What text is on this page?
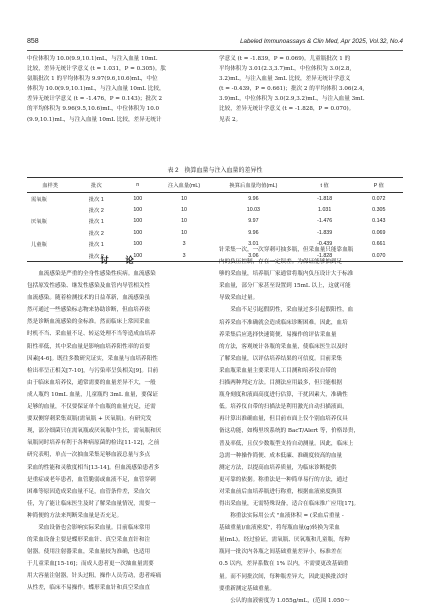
858	Labeled Immunoassays & Clin Med, Apr 2025, Vol.32, No.4

中位体积为 10.0(9.9,10.1)mL，与注入血量 10mL

比较，差异无统计学意义 (t = 1.031，P = 0.305)。肽

氨瓶批次 1 的平均体积为 9.97(9.6,10.6)mL，中位

体积为 10.0(9.9,10.1)mL，与注入血量 10mL 比较，

差异无统计学意义 (t = -1.476，P = 0.143)；批次 2

的平均体积为 9.96(9.5,10.6)mL，中位体积为 10.0

(9.9,10.1)mL，与注入血量 10mL 比较，差异无统计

学意义 (t = -1.839，P = 0.069)。儿童瓶批次 1 的

平均体积为 3.01(2.3,3.7)mL，中位体积为 3.0(2.8,

3.2)mL，与注入血量 3mL 比较，差异无统计学意义

(t = -0.439，P = 0.661)；批次 2 的平均体积 3.06(2.4,

3.9)mL，中位体积为 3.0(2.9,3.2)mL，与注入血量 3mL

比较，差异无统计学意义 (t = -1.828，P = 0.070)。

见表 2。

表 2　换算血量与注入血量的差异性
血样类	批次	n	注入血量(mL)	换算后血量均值(mL)	t 值	P 值
需氧瓶	批次 1	100	10	9.96	-1.818	0.072
	批次 2	100	10	10.03	1.031	0.305
厌氧瓶	批次 1	100	10	9.97	-1.476	0.143
	批次 2	100	10	9.96	-1.839	0.069
儿童瓶	批次 1	100	3	3.01	-0.439	0.661
	批次 2	100	3	3.06	-1.828	0.070
讨　论

　　血流感染是严重的全身性感染性疾病。血流感染

包括原发性感染、继发性感染及血管内导管相关性

血流感染。随着检测技术的日益革新，血流感染虽

然可通过一些感染标志物来协助诊断，但血培养依

然是诊断血流感染的金标准。然而临床上常因采血

时机不当、采血量不足、转运处理不当等造成血培养

阳性率低，其中采血量是影响血培养阳性率的首要

因素[4-6]。既往多数研究证实，采血量与血培养阳性

检出率呈正相关[7-10]，与污染率呈负相关[9]。目前

由于临床血培养仪，通常需要的血量差异不大，一般

成人瓶约 10mL 血量，儿童瓶约 3mL 血量，要保证

足够的血量，不仅要保证单个血瓶的血量充足，还需

要双侧穿刺采集双瓶(需氧瓶 + 厌氧瓶)。有研究发

现，部分细菌只在需氧瓶或厌氧瓶中生长，需氧瓶和厌

氧瓶同时培养有利于各种病原菌的检出[11-12]，之前

研究表明，单点一次抽血采集足够血液总量与多点

采血的性能和灵敏度相当[13-14]。但血流感染患者多

是重症或老年患者，血管脆弱或血液不足，血管穿刺

困难等原因造成采血量不足，血管条件差，采血欠

佳，为了能让临床医生及时了解采血量情况，需要一

种简便的方法来判断采血量是否充足。

　　采血设备也会影响实际采血量。目前临床常用

的采血设备主要是蝶形采血针、真空采血直针和注

射器。使用注射器采血，采血量较为准确，也适用

于儿童采血[15-16]；而成人患者更一次抽血量需要

用大容量注射器，针头过粗，操作人员劳动，患者疼痛

从性差，临床不易操作。蝶形采血针和真空采血直

针采集一次，一次穿刺可抽多瓶，但采血量只能靠血瓶

内的负压控制，存在一定误差。为保证能够抽到足

够的采血量，培养瓶厂家通常将瓶内负压设计大于标准

采血量，部分厂家甚至设置到 15mL 以上，这就可能

导致采血过量。

　　采血不足引起假阴性，采血量过多引起假阳性，血

培养采血不准确就会造成临床诊断困难。因此，血培

养采集后应选择快速简便、易操作的评估采血量

的方法，客观统计各瓶的采血量，使临床医生以及时

了解采血量，以评估培养结果的可信度。目前采集

采血瓶采血量主要采用人工目测和培养仪自带的

扫描两种判定方法。目测法应用最多，但只能根据

瓶身刻度和液面高度进行估算，干扰因素大，准确性

低。培养仪自带的扫描法是利用激光自动扫描液面，

再计算出准确血量，但目前市面上仅个别血培养仪具

备这功能，如梅里埃系统的 BacT/Alert 等，价格昂贵，

普及率低，且仅少数瓶型支持自动测量。因此，临床上

急需一种操作简便、成本低廉、准确度较高的血量

测定方法，以提高血培养质量，为临床诊断提供

更可靠的依据。称重法是一种简单易行的方法，通过

对采血前后血培养瓶进行称重，根据血液密度换算

得出采血量，无需特殊设备，适合在临床推广应用[17]。

　　称重法实际用公式 "血液体积 = (采血后重量 -

基础重量)/血液密度"，将每瓶血量(g)转换为采血

量(mL)。经过验证，需氧瓶、厌氧瓶和儿童瓶，每种

瓶同一批次内各瓶之间基础重量差异小，标准差在

0.5 以内，差异系数在 1% 以内，不需要更改基础重

量。而不同批次间，每种瓶差异大，因此更换批次时

要重新测定基础重量。

　　公认的血液密度为 1.055g/mL，(范围 1.050～
